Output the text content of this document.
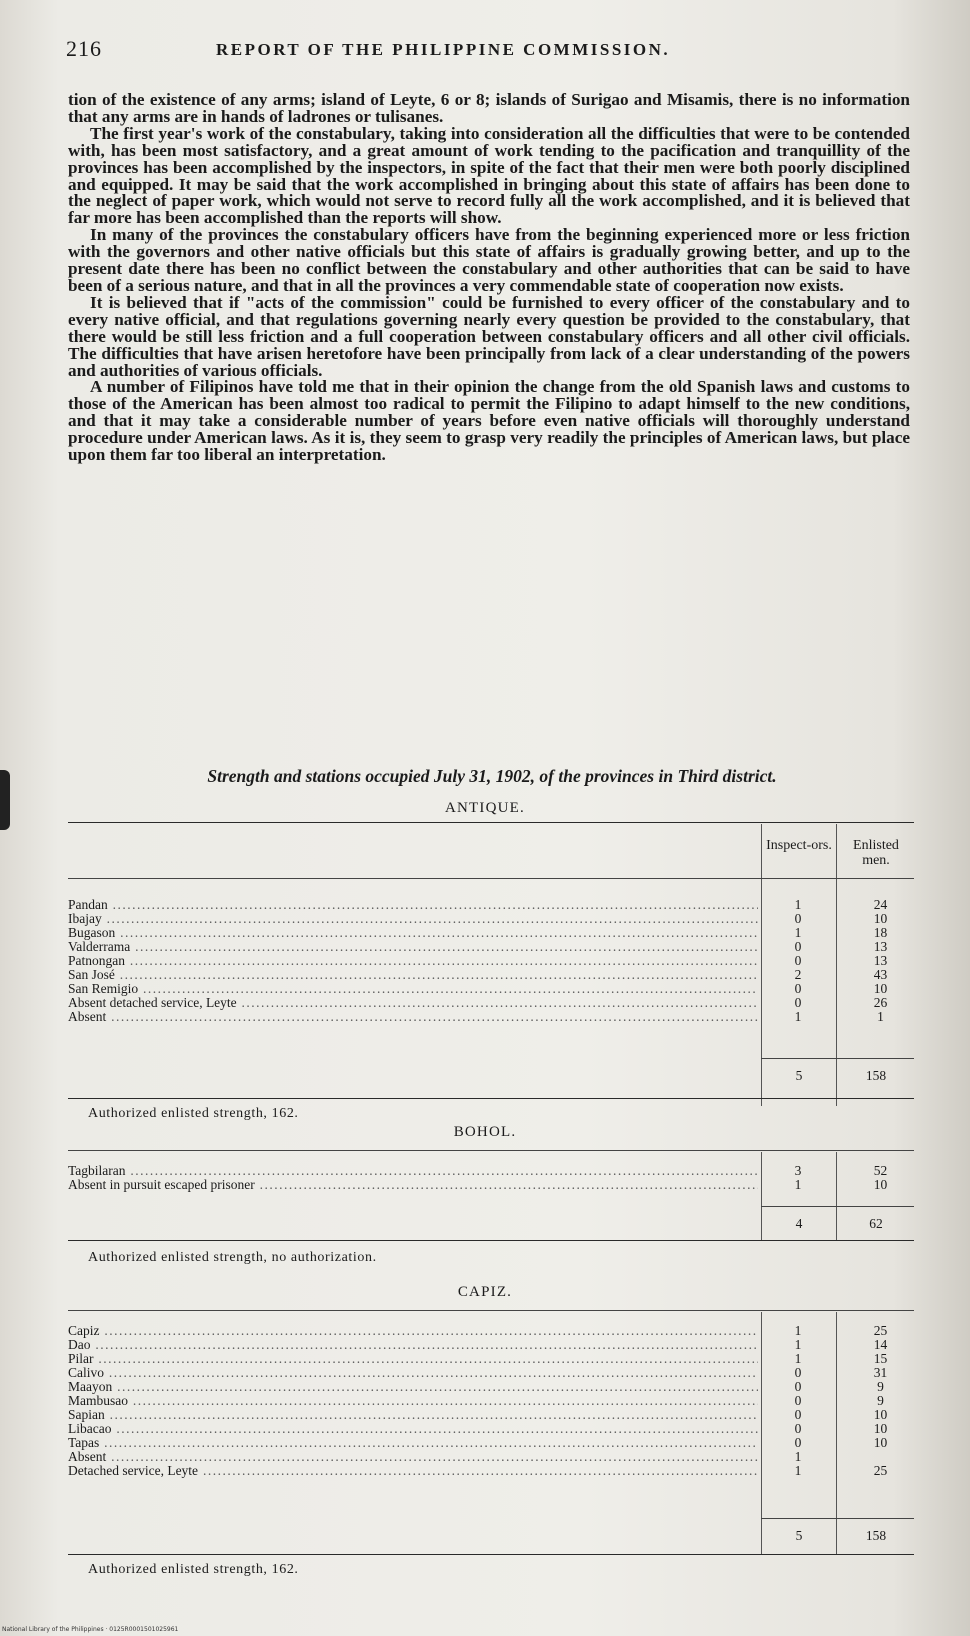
216	REPORT OF THE PHILIPPINE COMMISSION.

tion of the existence of any arms; island of Leyte, 6 or 8; islands of Surigao and Misamis, there is no information that any arms are in hands of ladrones or tulisanes.

The first year's work of the constabulary, taking into consideration all the difficulties that were to be contended with, has been most satisfactory, and a great amount of work tending to the pacification and tranquillity of the provinces has been accomplished by the inspectors, in spite of the fact that their men were both poorly disciplined and equipped. It may be said that the work accomplished in bringing about this state of affairs has been done to the neglect of paper work, which would not serve to record fully all the work accomplished, and it is believed that far more has been accomplished than the reports will show.

In many of the provinces the constabulary officers have from the beginning experienced more or less friction with the governors and other native officials but this state of affairs is gradually growing better, and up to the present date there has been no conflict between the constabulary and other authorities that can be said to have been of a serious nature, and that in all the provinces a very commendable state of cooperation now exists.

It is believed that if "acts of the commission" could be furnished to every officer of the constabulary and to every native official, and that regulations governing nearly every question be provided to the constabulary, that there would be still less friction and a full cooperation between constabulary officers and all other civil officials. The difficulties that have arisen heretofore have been principally from lack of a clear understanding of the powers and authorities of various officials.

A number of Filipinos have told me that in their opinion the change from the old Spanish laws and customs to those of the American has been almost too radical to permit the Filipino to adapt himself to the new conditions, and that it may take a considerable number of years before even native officials will thoroughly understand procedure under American laws. As it is, they seem to grasp very readily the principles of American laws, but place upon them far too liberal an interpretation.

Strength and stations occupied July 31, 1902, of the provinces in Third district.
ANTIQUE.
Inspect-ors.	Enlisted men.
Pandan .....	1	24
Ibajay .....	0	10
Bugason .....	1	18
Valderrama .....	0	13
Patnongan .....	0	13
San José .....	2	43
San Remigio .....	0	10
Absent detached service, Leyte .....	0	26
Absent .....	1	1
5	158
Authorized enlisted strength, 162.
BOHOL.
Tagbilaran .....	3	52
Absent in pursuit escaped prisoner .....	1	10
4	62
Authorized enlisted strength, no authorization.
CAPIZ.
Capiz .....	1	25
Dao .....	1	14
Pilar .....	1	15
Calivo .....	0	31
Maayon .....	0	9
Mambusao .....	0	9
Sapian .....	0	10
Libacao .....	0	10
Tapas .....	0	10
Absent .....	1
Detached service, Leyte .....	1	25
5	158
Authorized enlisted strength, 162.
National Library of the Philippines · 0125R0001501025961
